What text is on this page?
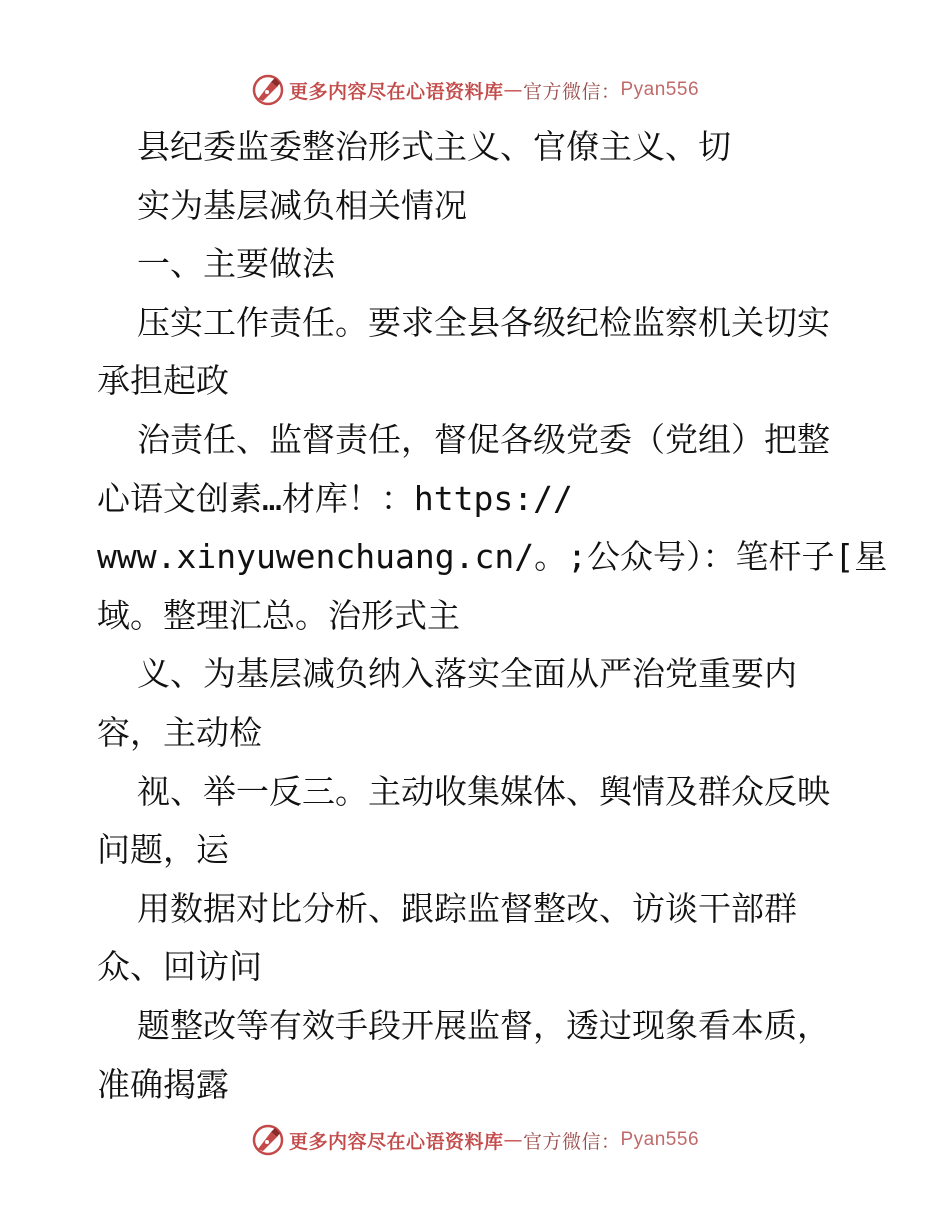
更多内容尽在心语资料库 — 官方微信： Pyan556
县纪委监委整治形式主义、官僚主义、切
实为基层减负相关情况
一、主要做法
压实工作责任。要求全县各级纪检监察机关切实
承担起政
治责任、监督责任，督促各级党委（党组）把整
心语文创素…材库！：https://
www.xinyuwenchuang.cn/。;公众号）：笔杆子[星
域。整理汇总。治形式主
义、为基层减负纳入落实全面从严治党重要内
容，主动检
视、举一反三。主动收集媒体、舆情及群众反映
问题，运
用数据对比分析、跟踪监督整改、访谈干部群
众、回访问
题整改等有效手段开展监督，透过现象看本质，
准确揭露
更多内容尽在心语资料库 — 官方微信： Pyan556
